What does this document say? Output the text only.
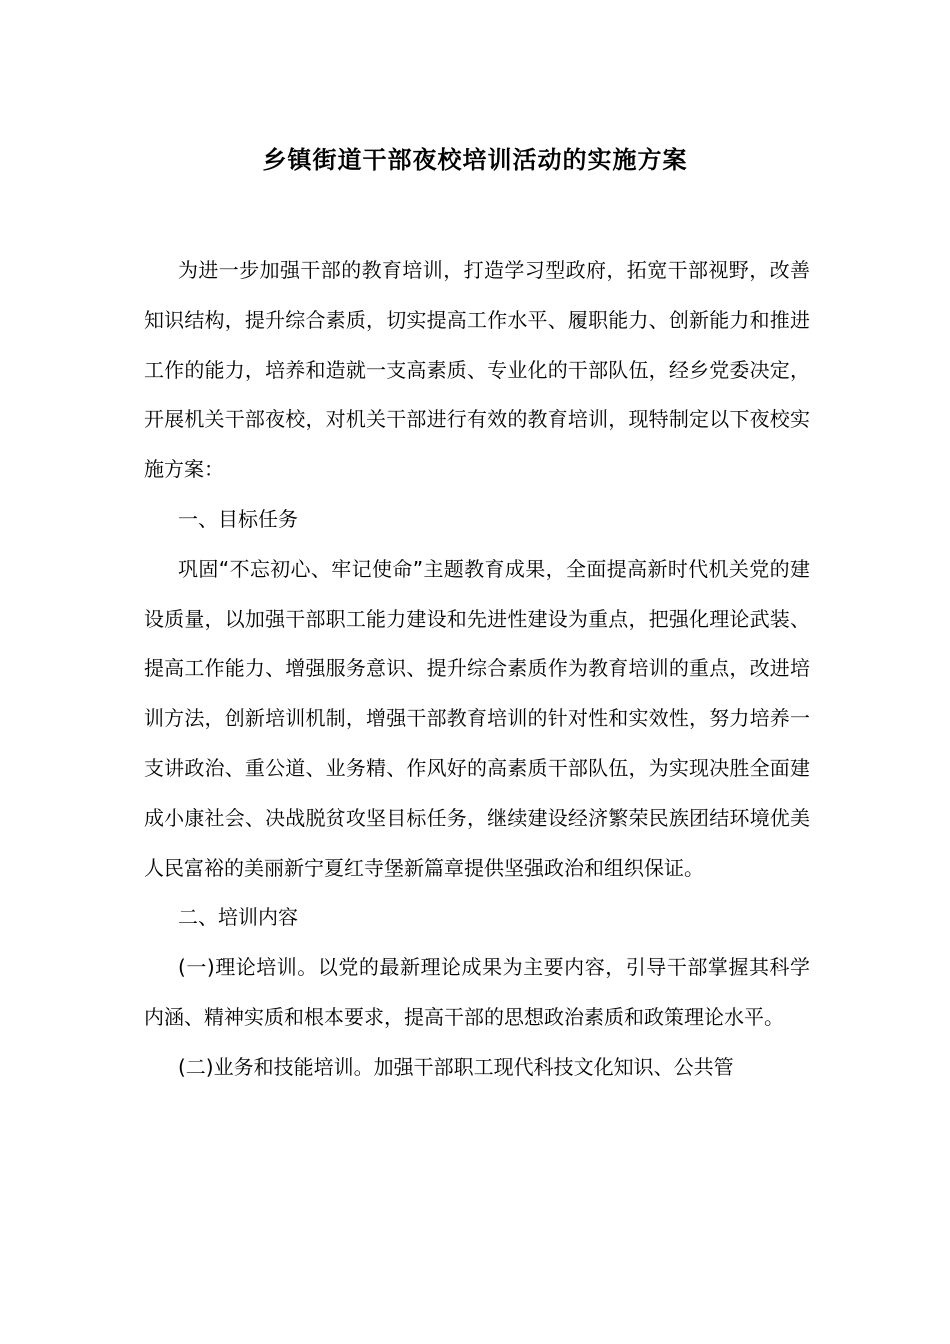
乡镇街道干部夜校培训活动的实施方案

为进一步加强干部的教育培训，打造学习型政府，拓宽干部视野，改善知识结构，提升综合素质，切实提高工作水平、履职能力、创新能力和推进工作的能力，培养和造就一支高素质、专业化的干部队伍，经乡党委决定，开展机关干部夜校，对机关干部进行有效的教育培训，现特制定以下夜校实施方案：

一、目标任务

巩固“不忘初心、牢记使命”主题教育成果，全面提高新时代机关党的建设质量，以加强干部职工能力建设和先进性建设为重点，把强化理论武装、提高工作能力、增强服务意识、提升综合素质作为教育培训的重点，改进培训方法，创新培训机制，增强干部教育培训的针对性和实效性，努力培养一支讲政治、重公道、业务精、作风好的高素质干部队伍，为实现决胜全面建成小康社会、决战脱贫攻坚目标任务，继续建设经济繁荣民族团结环境优美人民富裕的美丽新宁夏红寺堡新篇章提供坚强政治和组织保证。

二、培训内容

(一)理论培训。以党的最新理论成果为主要内容，引导干部掌握其科学内涵、精神实质和根本要求，提高干部的思想政治素质和政策理论水平。

(二)业务和技能培训。加强干部职工现代科技文化知识、公共管
